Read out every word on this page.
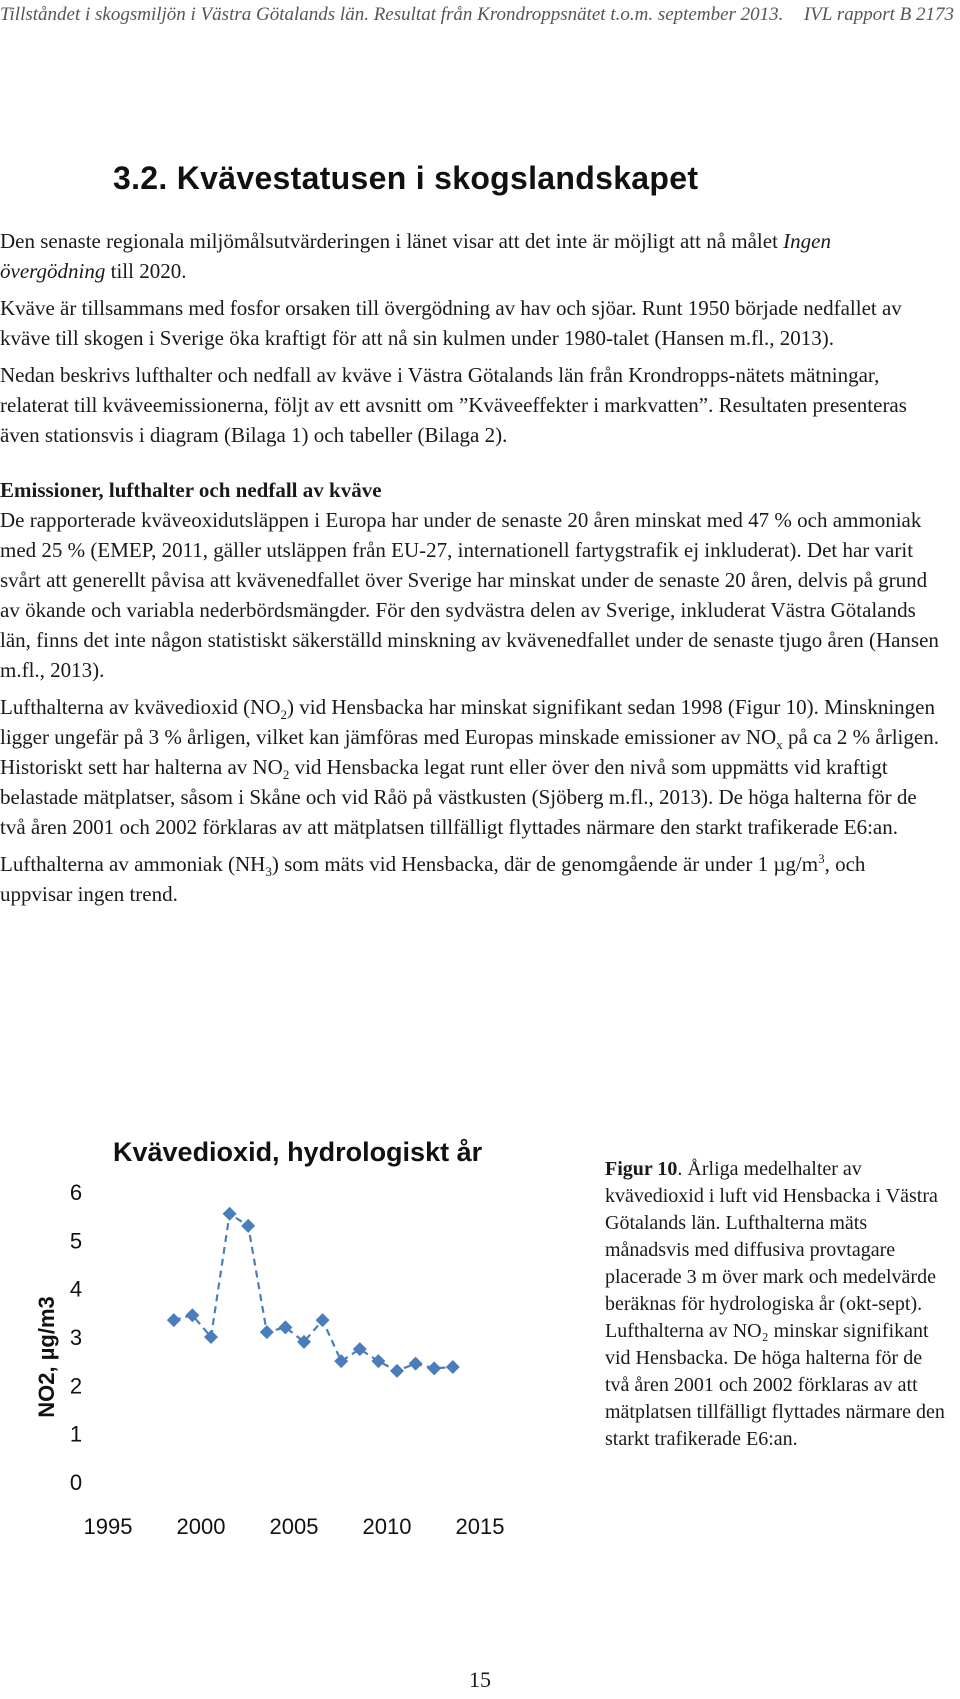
Tillståndet i skogsmiljön i Västra Götalands län. Resultat från Krondroppsnätet t.o.m. september 2013. IVL rapport B 2173
3.2. Kvävestatusen i skogslandskapet

Den senaste regionala miljömålsutvärderingen i länet visar att det inte är möjligt att nå målet Ingen övergödning till 2020.

Kväve är tillsammans med fosfor orsaken till övergödning av hav och sjöar. Runt 1950 började nedfallet av kväve till skogen i Sverige öka kraftigt för att nå sin kulmen under 1980-talet (Hansen m.fl., 2013).

Nedan beskrivs lufthalter och nedfall av kväve i Västra Götalands län från Krondropps-nätets mätningar, relaterat till kväveemissionerna, följt av ett avsnitt om ”Kväveeffekter i markvatten”. Resultaten presenteras även stationsvis i diagram (Bilaga 1) och tabeller (Bilaga 2).

Emissioner, lufthalter och nedfall av kväve

De rapporterade kväveoxidutsläppen i Europa har under de senaste 20 åren minskat med 47 % och ammoniak med 25 % (EMEP, 2011, gäller utsläppen från EU-27, internationell fartygstrafik ej inkluderat). Det har varit svårt att generellt påvisa att kvävenedfallet över Sverige har minskat under de senaste 20 åren, delvis på grund av ökande och variabla nederbördsmängder. För den sydvästra delen av Sverige, inkluderat Västra Götalands län, finns det inte någon statistiskt säkerställd minskning av kvävenedfallet under de senaste tjugo åren (Hansen m.fl., 2013).

Lufthalterna av kvävedioxid $(NO_2)$ vid Hensbacka har minskat signifikant sedan 1998 (Figur 10). Minskningen ligger ungefär på 3 % årligen, vilket kan jämföras med Europas minskade emissioner av $NO_x$ på ca 2 % årligen. Historiskt sett har halterna av $NO_2$ vid Hensbacka legat runt eller över den nivå som uppmätts vid kraftigt belastade mätplatser, såsom i Skåne och vid Råö på västkusten (Sjöberg m.fl., 2013). De höga halterna för de två åren 2001 och 2002 förklaras av att mätplatsen tillfälligt flyttades närmare den starkt trafikerade E6:an.

Lufthalterna av ammoniak $(NH_3)$ som mäts vid Hensbacka, där de genomgående är under 1 $\mu g/m^3$, och uppvisar ingen trend.

Kvävedioxid, hydrologiskt år
NO2, µg/m3
0
1
2
3
4
5
6
1995 2000 2005 2010 2015
Figur 10. Årliga medelhalter av kvävedioxid i luft vid Hensbacka i Västra Götalands län. Lufthalterna mäts månadsvis med diffusiva provtagare placerade 3 m över mark och medelvärde beräknas för hydrologiska år (okt-sept). Lufthalterna av NO₂ minskar signifikant vid Hensbacka. De höga halterna för de två åren 2001 och 2002 förklaras av att mätplatsen tillfälligt flyttades närmare den starkt trafikerade E6:an.
15
